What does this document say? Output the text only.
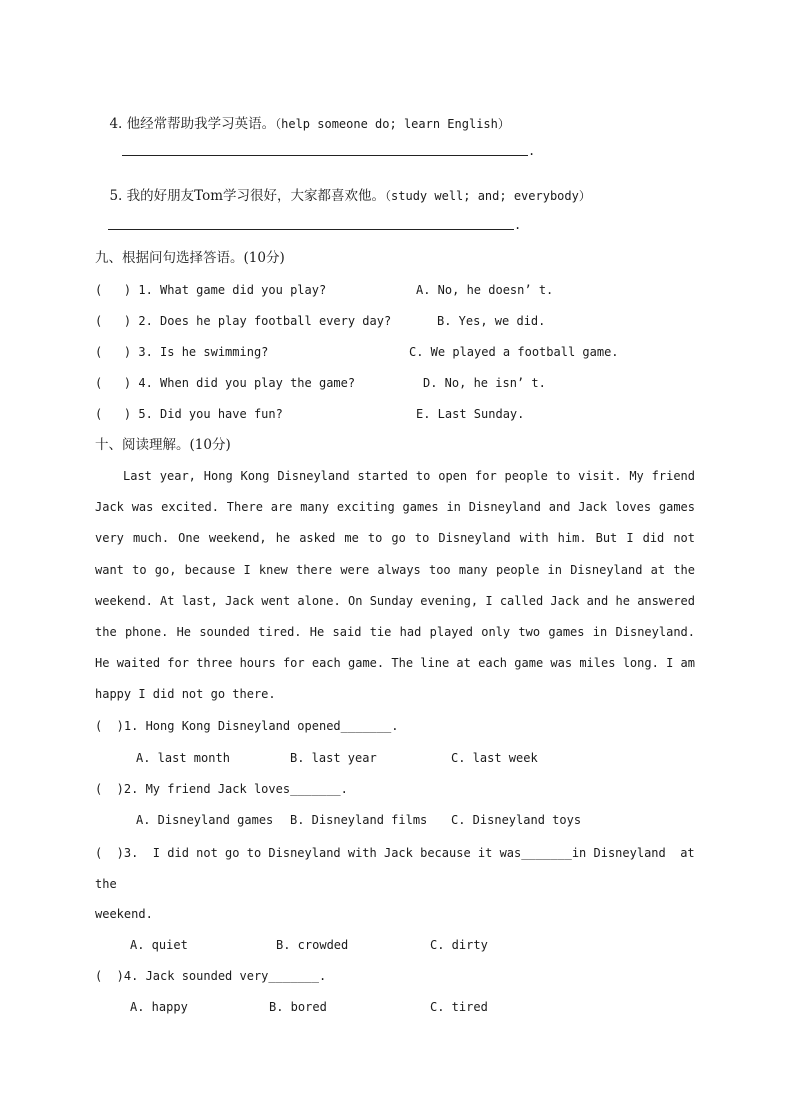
4. 他经常帮助我学习英语。（help someone do; learn English）

.

5. 我的好朋友Tom学习很好，大家都喜欢他。（study well; and; everybody）

.
九、根据问句选择答语。(10分)
(   ) 1. What game did you play?	A. No, he doesn’ t.
(   ) 2. Does he play football every day?	B. Yes, we did.
(   ) 3. Is he swimming?	C. We played a football game.
(   ) 4. When did you play the game?	D. No, he isn’ t.
(   ) 5. Did you have fun?	E. Last Sunday.
十、阅读理解。(10分)
Last year, Hong Kong Disneyland started to open for people to visit. My friend Jack was excited. There are many exciting games in Disneyland and Jack loves games very much. One weekend, he asked me to go to Disneyland with him. But I did not want to go, because I knew there were always too many people in Disneyland at the weekend. At last, Jack went alone. On Sunday evening, I called Jack and he answered the phone. He sounded tired. He said tie had played only two games in Disneyland. He waited for three hours for each game. The line at each game was miles long. I am happy I did not go there.
(  )1. Hong Kong Disneyland opened_______.
A. last month	B. last year	C. last week
(  )2. My friend Jack loves_______.
A. Disneyland games B. Disneyland films C. Disneyland toys
(  )3.  I did not go to Disneyland with Jack because it was_______in Disneyland  at
the
weekend.
A. quiet	B. crowded	C. dirty
(  )4. Jack sounded very_______.
A. happy	B. bored	C. tired
